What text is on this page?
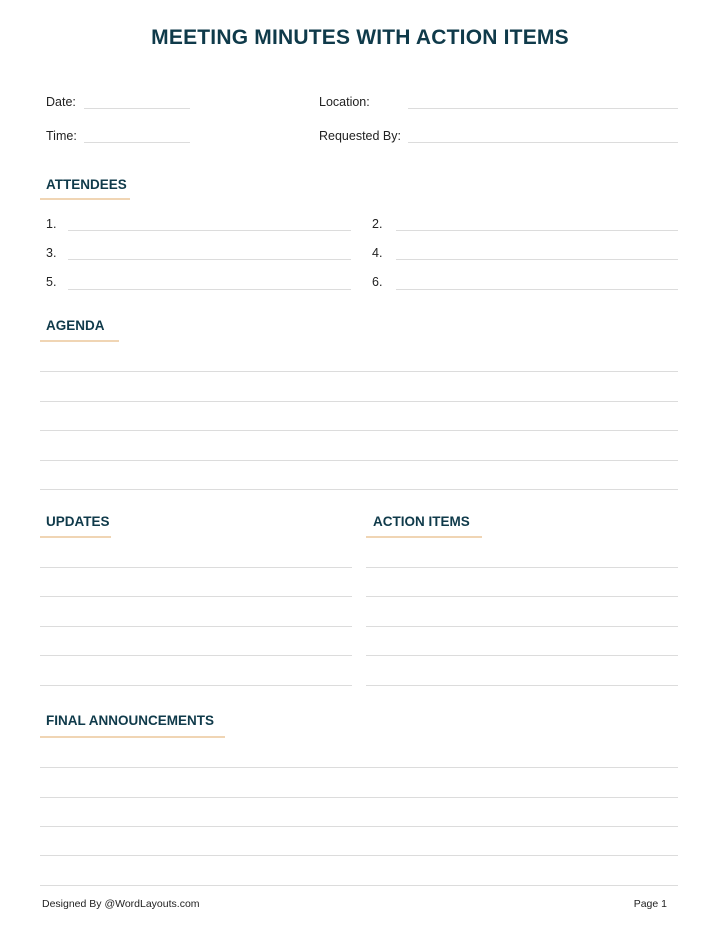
MEETING MINUTES WITH ACTION ITEMS
Date:	Location:
Time:	Requested By:
ATTENDEES
1.	2.
3.	4.
5.	6.
AGENDA
UPDATES	ACTION ITEMS
FINAL ANNOUNCEMENTS
Designed By @WordLayouts.com	Page 1
